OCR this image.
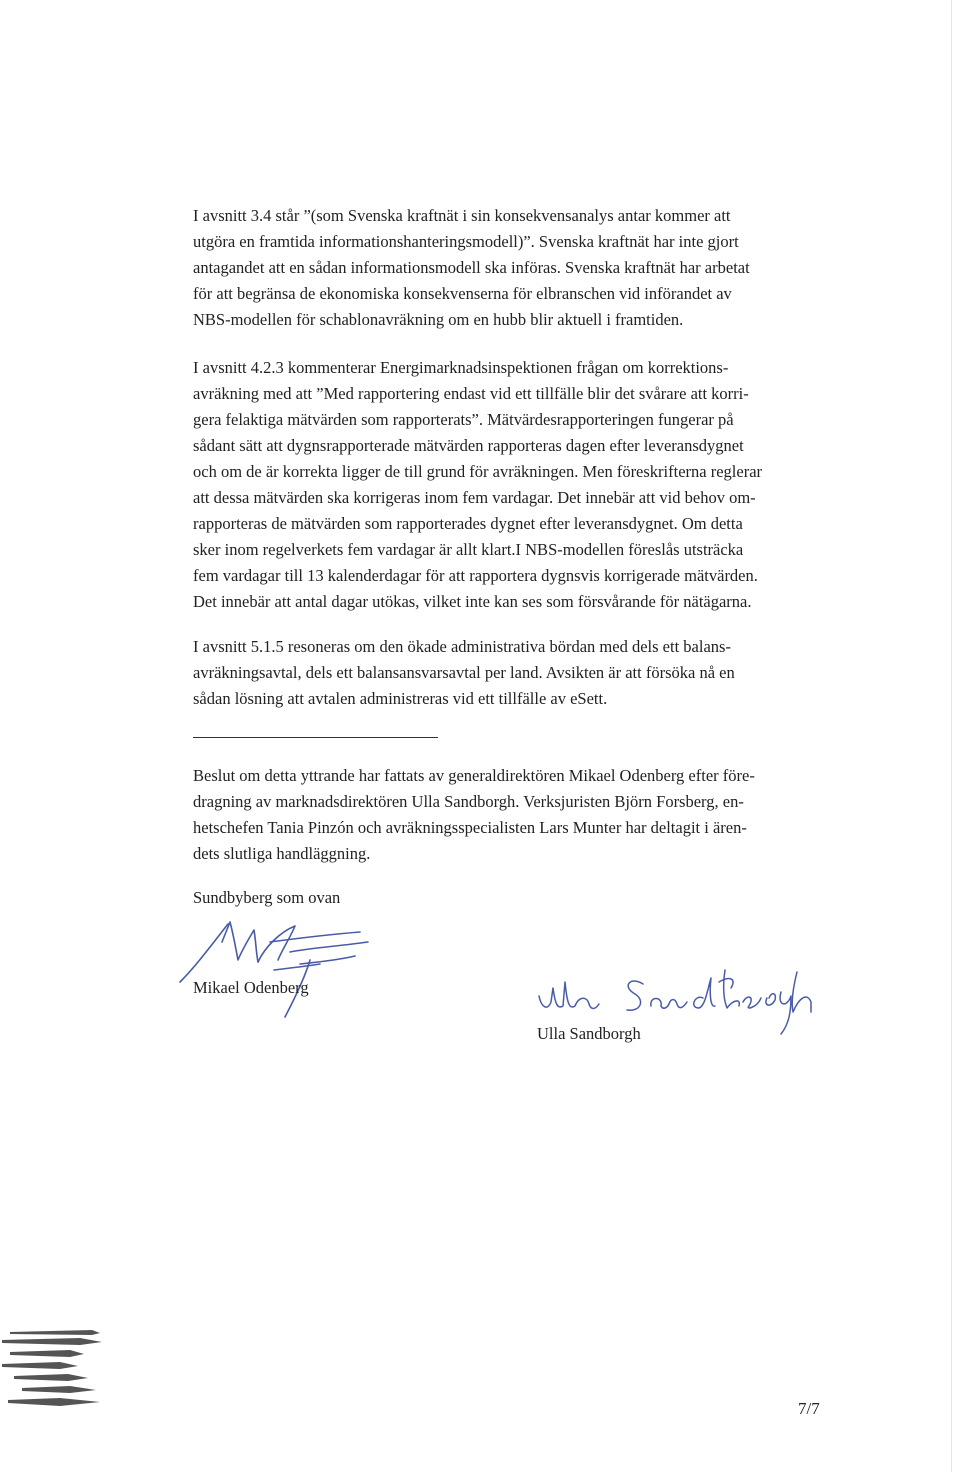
I avsnitt 3.4 står ”(som Svenska kraftnät i sin konsekvensanalys antar kommer att
utgöra en framtida informationshanteringsmodell)”. Svenska kraftnät har inte gjort
antagandet att en sådan informationsmodell ska införas. Svenska kraftnät har arbetat
för att begränsa de ekonomiska konsekvenserna för elbranschen vid införandet av
NBS-modellen för schablonavräkning om en hubb blir aktuell i framtiden.
I avsnitt 4.2.3 kommenterar Energimarknadsinspektionen frågan om korrektions-
avräkning med att ”Med rapportering endast vid ett tillfälle blir det svårare att korri-
gera felaktiga mätvärden som rapporterats”. Mätvärdesrapporteringen fungerar på
sådant sätt att dygnsrapporterade mätvärden rapporteras dagen efter leveransdygnet
och om de är korrekta ligger de till grund för avräkningen. Men föreskrifterna reglerar
att dessa mätvärden ska korrigeras inom fem vardagar. Det innebär att vid behov om-
rapporteras de mätvärden som rapporterades dygnet efter leveransdygnet. Om detta
sker inom regelverkets fem vardagar är allt klart.I NBS-modellen föreslås utsträcka
fem vardagar till 13 kalenderdagar för att rapportera dygnsvis korrigerade mätvärden.
Det innebär att antal dagar utökas, vilket inte kan ses som försvårande för nätägarna.
I avsnitt 5.1.5 resoneras om den ökade administrativa bördan med dels ett balans-
avräkningsavtal, dels ett balansansvarsavtal per land. Avsikten är att försöka nå en
sådan lösning att avtalen administreras vid ett tillfälle av eSett.
Beslut om detta yttrande har fattats av generaldirektören Mikael Odenberg efter före-
dragning av marknadsdirektören Ulla Sandborgh. Verksjuristen Björn Forsberg, en-
hetschefen Tania Pinzón och avräkningsspecialisten Lars Munter har deltagit i ären-
dets slutliga handläggning.
Sundbyberg som ovan
Mikael Odenberg
Ulla Sandborgh
7/7
